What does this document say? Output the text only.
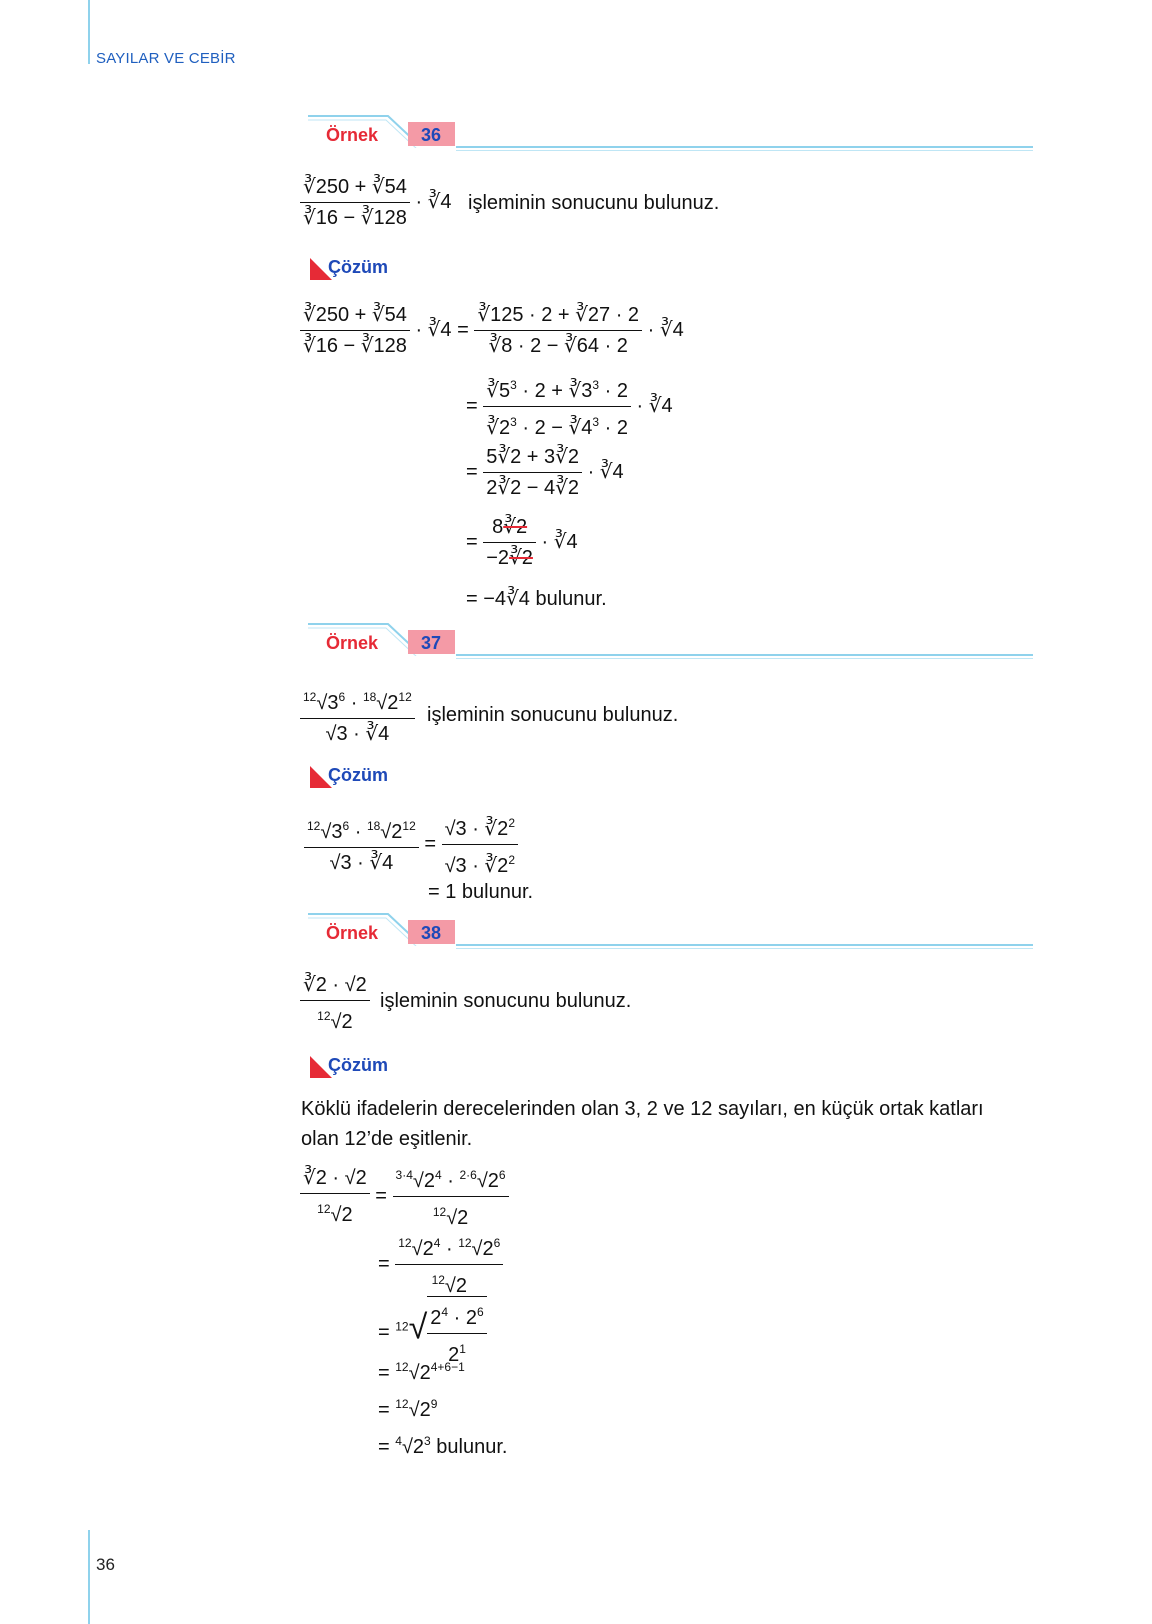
SAYILAR VE CEBİR
36
Örnek 36
$\frac{∛250 + ∛54}{∛16 - ∛128}$ · ∛4 işleminin sonucunu bulunuz.
Çözüm
$\frac{∛250 + ∛54}{∛16 - ∛128}$ · ∛4 = $\frac{∛125 \cdot 2 + ∛27 \cdot 2}{∛8 \cdot 2 - ∛64 \cdot 2}$ · ∛4
= $\frac{∛5^3 \cdot 2 + ∛3^3 \cdot 2}{∛2^3 \cdot 2 - ∛4^3 \cdot 2}$ · ∛4
= $\frac{5∛2 + 3∛2}{2∛2 - 4∛2}$ · ∛4
= $\frac{8∛2}{-2∛2}$ · ∛4
= −4∛4 bulunur.
Örnek 37
$\frac{^{12}√3^6 \cdot ^{18}√2^{12}}{√3 \cdot ∛4}$ işleminin sonucunu bulunuz.
Çözüm
$\frac{^{12}√3^6 \cdot ^{18}√2^{12}}{√3 \cdot ∛4} = \frac{√3 \cdot ∛2^2}{√3 \cdot ∛2^2}$
= 1 bulunur.
Örnek 38
$\frac{∛2 \cdot √2}{^{12}√2}$ işleminin sonucunu bulunuz.
Çözüm

Köklü ifadelerin derecelerinden olan 3, 2 ve 12 sayıları, en küçük ortak katları olan 12’de eşitlenir.

$\frac{∛2 \cdot √2}{^{12}√2} = \frac{^{3\cdot 4}√2^4 \cdot ^{2\cdot 6}√2^6}{^{12}√2}$
= $\frac{^{12}√2^4 \cdot ^{12}√2^6}{^{12}√2}$
= $^{12}√ \frac{2^4 \cdot 2^6}{2^1}$
= $^{12}√2^{4+6-1}$
= $^{12}√2^9$
= $^4√2^3$ bulunur.
